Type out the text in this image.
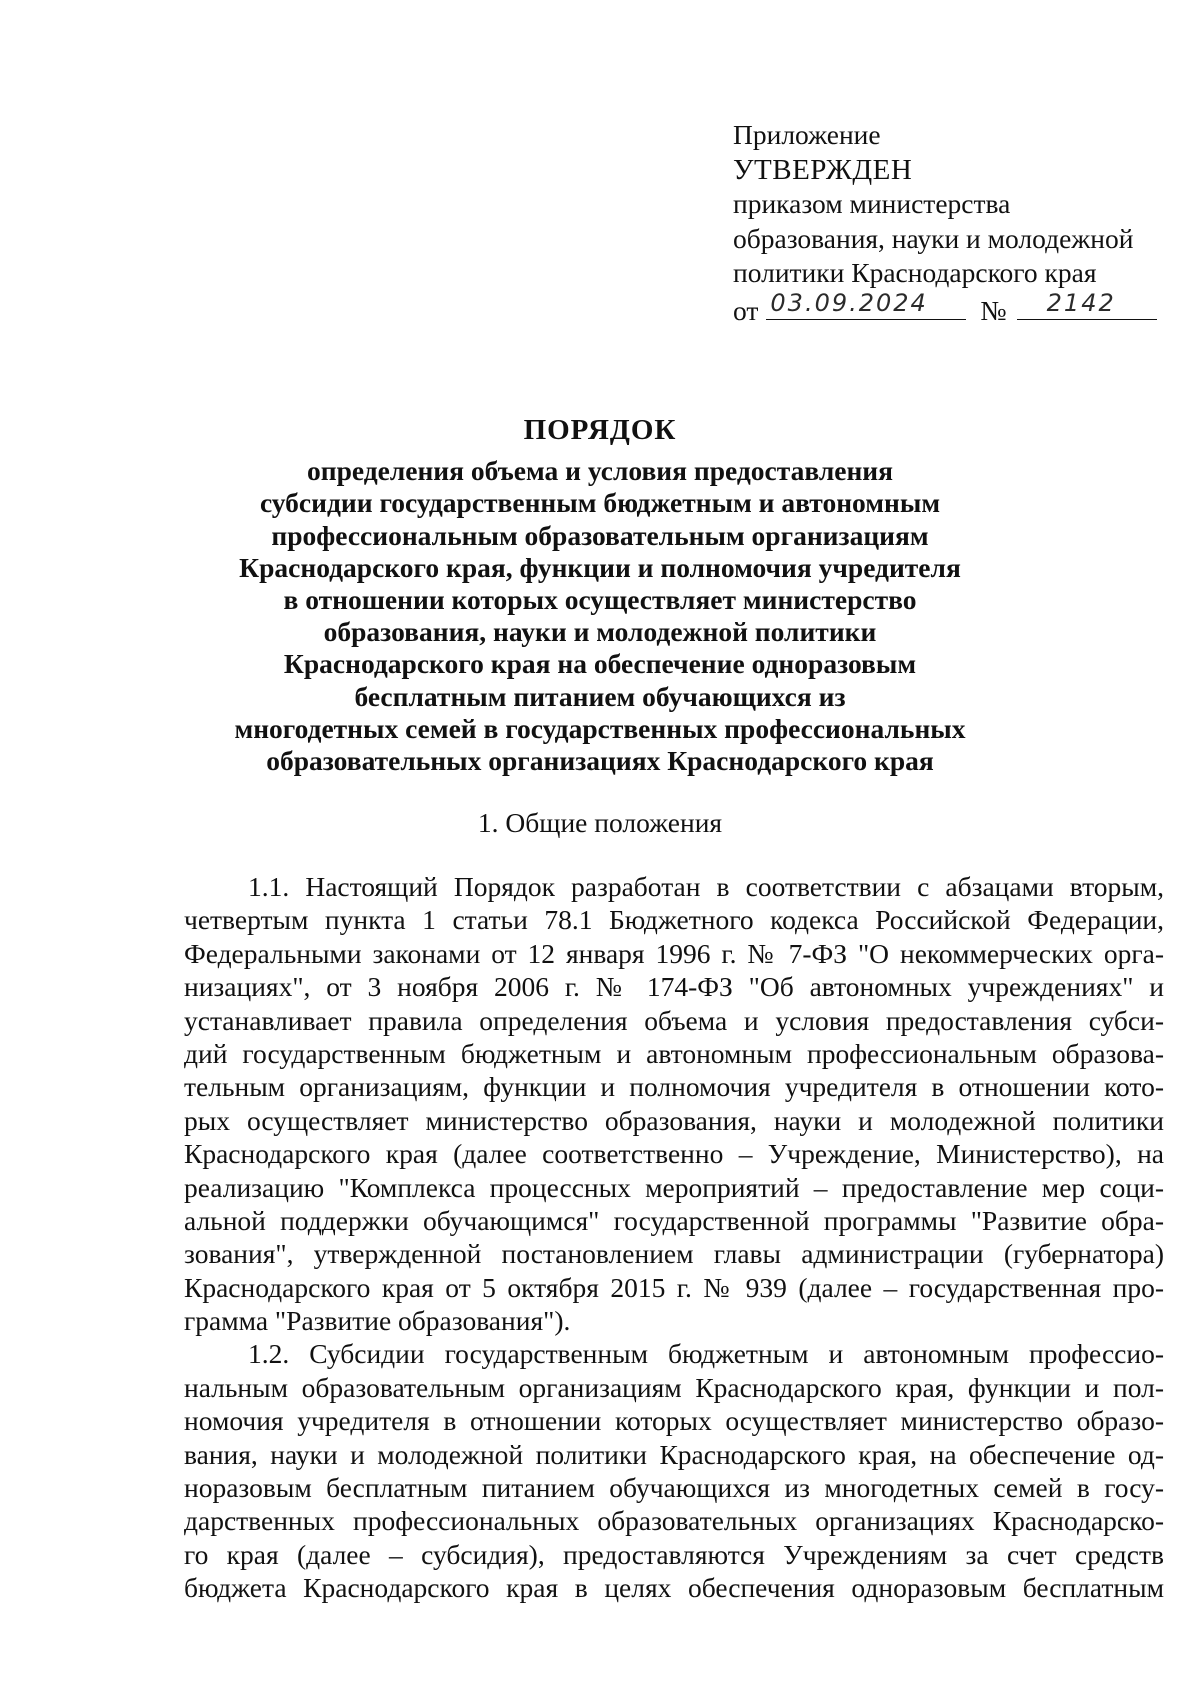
Приложение
УТВЕРЖДЕН
приказом министерства
образования, науки и молодежной
политики Краснодарского края
от 03.09.2024 № 2142
ПОРЯДОК
определения объема и условия предоставления
субсидии государственным бюджетным и автономным
профессиональным образовательным организациям
Краснодарского края, функции и полномочия учредителя
в отношении которых осуществляет министерство
образования, науки и молодежной политики
Краснодарского края на обеспечение одноразовым
бесплатным питанием обучающихся из
многодетных семей в государственных профессиональных
образовательных организациях Краснодарского края
1. Общие положения
1.1. Настоящий Порядок разработан в соответствии с абзацами вторым,
четвертым пункта 1 статьи 78.1 Бюджетного кодекса Российской Федерации,
Федеральными законами от 12 января 1996 г. № 7-ФЗ "О некоммерческих орга-
низациях", от 3 ноября 2006 г. № 174-ФЗ "Об автономных учреждениях" и
устанавливает правила определения объема и условия предоставления субси-
дий государственным бюджетным и автономным профессиональным образова-
тельным организациям, функции и полномочия учредителя в отношении кото-
рых осуществляет министерство образования, науки и молодежной политики
Краснодарского края (далее соответственно – Учреждение, Министерство), на
реализацию "Комплекса процессных мероприятий – предоставление мер соци-
альной поддержки обучающимся" государственной программы "Развитие обра-
зования", утвержденной постановлением главы администрации (губернатора)
Краснодарского края от 5 октября 2015 г. № 939 (далее – государственная про-
грамма "Развитие образования").
1.2. Субсидии государственным бюджетным и автономным профессио-
нальным образовательным организациям Краснодарского края, функции и пол-
номочия учредителя в отношении которых осуществляет министерство образо-
вания, науки и молодежной политики Краснодарского края, на обеспечение од-
норазовым бесплатным питанием обучающихся из многодетных семей в госу-
дарственных профессиональных образовательных организациях Краснодарско-
го края (далее – субсидия), предоставляются Учреждениям за счет средств
бюджета Краснодарского края в целях обеспечения одноразовым бесплатным
